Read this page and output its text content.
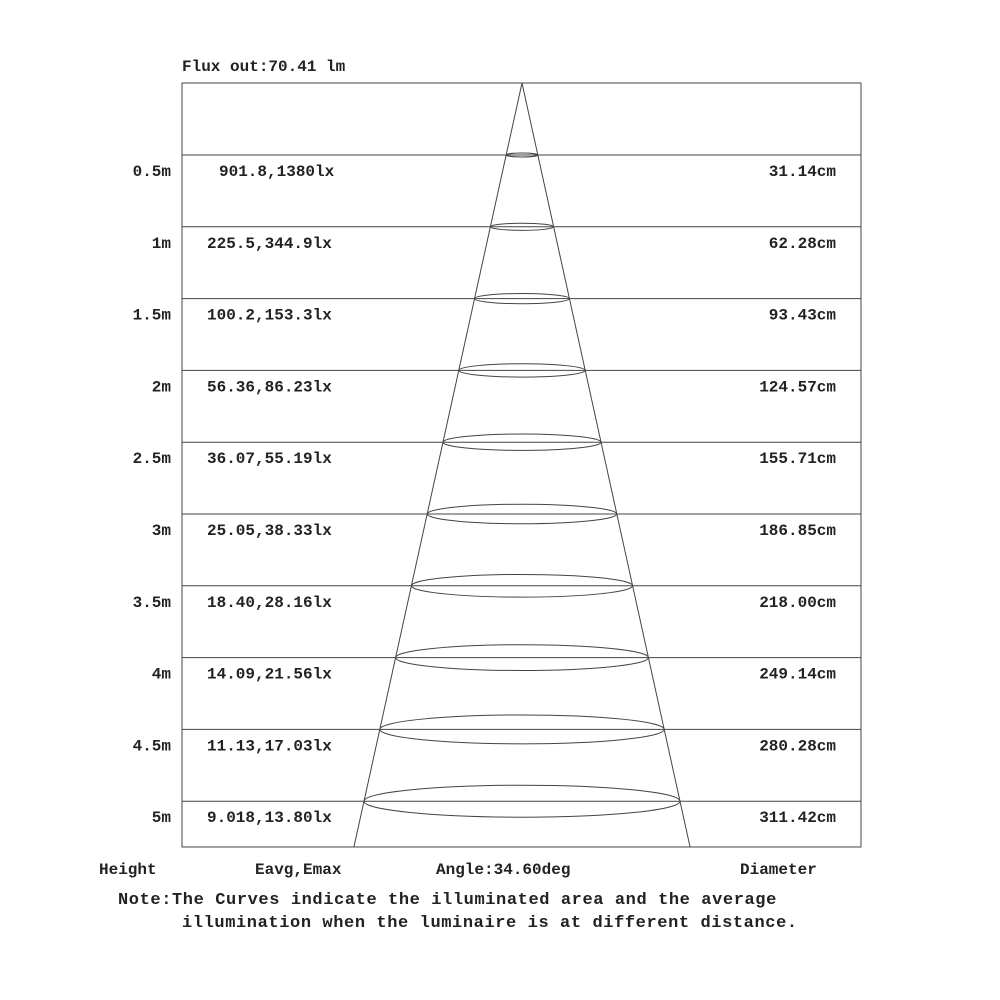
Flux out:70.41 lm
0.5m	901.8,1380lx	31.14cm
1m 225.5,344.9lx	62.28cm
1.5m 100.2,153.3lx	93.43cm
2m 56.36,86.23lx	124.57cm
2.5m 36.07,55.19lx	155.71cm
3m 25.05,38.33lx	186.85cm
3.5m 18.40,28.16lx	218.00cm
4m 14.09,21.56lx	249.14cm
4.5m 11.13,17.03lx	280.28cm
5m 9.018,13.80lx	311.42cm
Height	Eavg,Emax	Angle:34.60deg	Diameter
Note:The Curves indicate the illuminated area and the average
illumination when the luminaire is at different distance.
